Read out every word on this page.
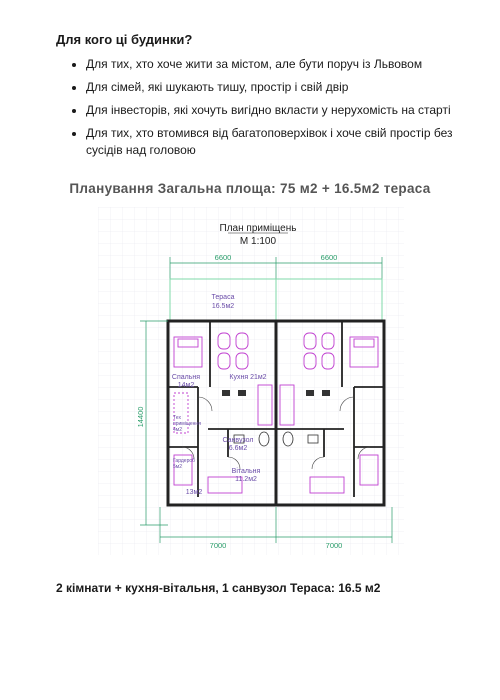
Для кого ці будинки?
Для тих, хто хоче жити за містом, але бути поруч із Львовом
Для сімей, які шукають тишу, простір і свій двір
Для інвесторів, які хочуть вигідно вкласти у нерухомість на старті
Для тих, хто втомився від багатоповерхівок і хоче свій простір без сусідів над головою
Планування Загальна площа: 75 м2 + 16.5м2 тераса
План приміщень
М 1:100
6600	6600
Тераса
16.5м2
Спальня
14м2
Кухня 21м2
Тех
приміщення
4м2
Санвузол
6.6м2
Гардероб
5м2
Вітальня
11.2м2
13м2
14400
7000	7000
2 кімнати + кухня-вітальня, 1 санвузол Тераса: 16.5 м2
